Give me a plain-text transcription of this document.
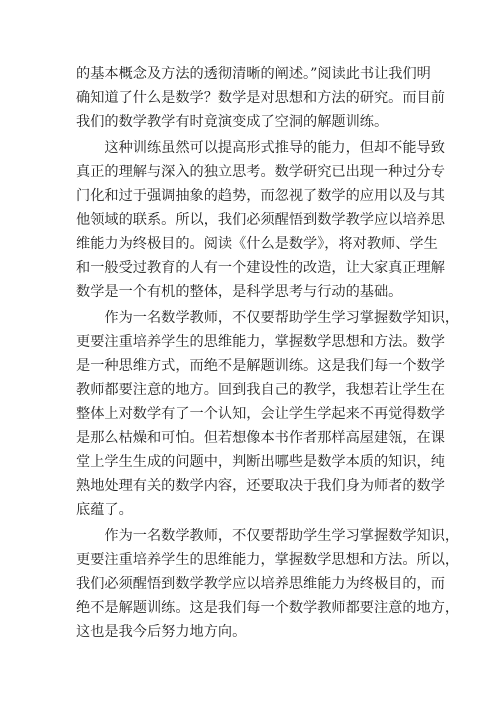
的基本概念及方法的透彻清晰的阐述。”阅读此书让我们明
确知道了什么是数学？数学是对思想和方法的研究。而目前
我们的数学教学有时竟演变成了空洞的解题训练。

　　这种训练虽然可以提高形式推导的能力，但却不能导致
真正的理解与深入的独立思考。数学研究已出现一种过分专
门化和过于强调抽象的趋势，而忽视了数学的应用以及与其
他领域的联系。所以，我们必须醒悟到数学教学应以培养思
维能力为终极目的。阅读《什么是数学》，将对教师、学生
和一般受过教育的人有一个建设性的改造，让大家真正理解
数学是一个有机的整体，是科学思考与行动的基础。

　　作为一名数学教师，不仅要帮助学生学习掌握数学知识，
更要注重培养学生的思维能力，掌握数学思想和方法。数学
是一种思维方式，而绝不是解题训练。这是我们每一个数学
教师都要注意的地方。回到我自己的教学，我想若让学生在
整体上对数学有了一个认知，会让学生学起来不再觉得数学
是那么枯燥和可怕。但若想像本书作者那样高屋建瓴，在课
堂上学生生成的问题中，判断出哪些是数学本质的知识，纯
熟地处理有关的数学内容，还要取决于我们身为师者的数学
底蕴了。

　　作为一名数学教师，不仅要帮助学生学习掌握数学知识，
更要注重培养学生的思维能力，掌握数学思想和方法。所以，
我们必须醒悟到数学教学应以培养思维能力为终极目的，而
绝不是解题训练。这是我们每一个数学教师都要注意的地方，
这也是我今后努力地方向。
